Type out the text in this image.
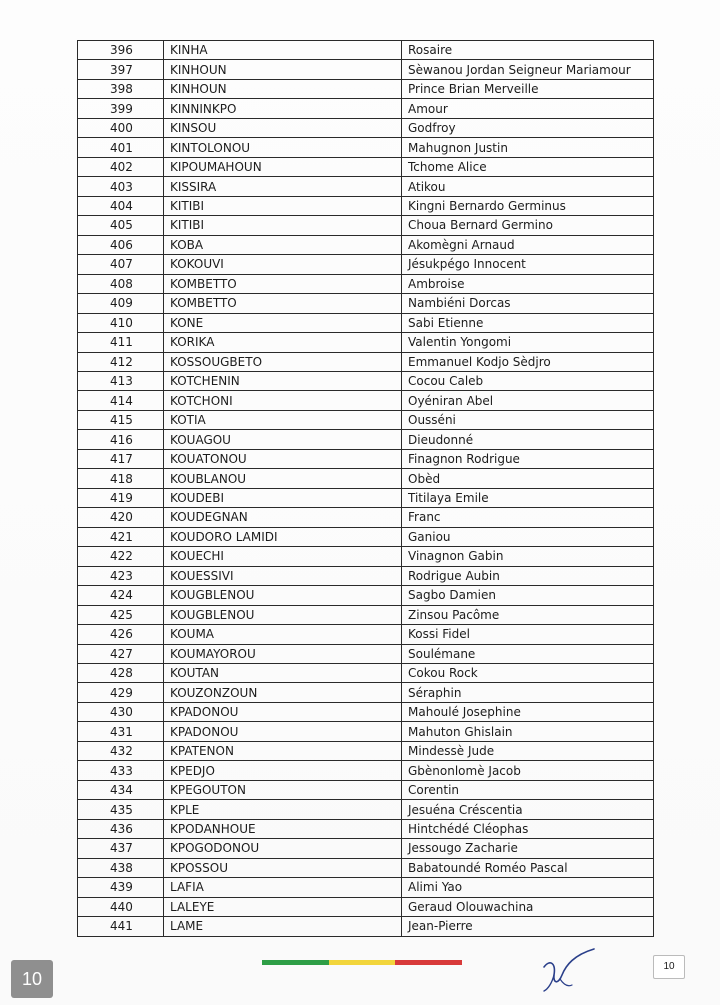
396	KINHA	Rosaire
397	KINHOUN	Sèwanou Jordan Seigneur Mariamour
398	KINHOUN	Prince Brian Merveille
399	KINNINKPO	Amour
400	KINSOU	Godfroy
401	KINTOLONOU	Mahugnon Justin
402	KIPOUMAHOUN	Tchome Alice
403	KISSIRA	Atikou
404	KITIBI	Kingni Bernardo Germinus
405	KITIBI	Choua Bernard Germino
406	KOBA	Akomègni Arnaud
407	KOKOUVI	Jésukpégo Innocent
408	KOMBETTO	Ambroise
409	KOMBETTO	Nambiéni Dorcas
410	KONE	Sabi Etienne
411	KORIKA	Valentin Yongomi
412	KOSSOUGBETO	Emmanuel Kodjo Sèdjro
413	KOTCHENIN	Cocou Caleb
414	KOTCHONI	Oyéniran Abel
415	KOTIA	Ousséni
416	KOUAGOU	Dieudonné
417	KOUATONOU	Finagnon Rodrigue
418	KOUBLANOU	Obèd
419	KOUDEBI	Titilaya Emile
420	KOUDEGNAN	Franc
421	KOUDORO LAMIDI	Ganiou
422	KOUECHI	Vinagnon Gabin
423	KOUESSIVI	Rodrigue Aubin
424	KOUGBLENOU	Sagbo Damien
425	KOUGBLENOU	Zinsou Pacôme
426	KOUMA	Kossi Fidel
427	KOUMAYOROU	Soulémane
428	KOUTAN	Cokou Rock
429	KOUZONZOUN	Séraphin
430	KPADONOU	Mahoulé Josephine
431	KPADONOU	Mahuton Ghislain
432	KPATENON	Mindessè Jude
433	KPEDJO	Gbènonlomè Jacob
434	KPEGOUTON	Corentin
435	KPLE	Jesuéna Créscentia
436	KPODANHOUE	Hintchédé Cléophas
437	KPOGODONOU	Jessougo Zacharie
438	KPOSSOU	Babatoundé Roméo Pascal
439	LAFIA	Alimi Yao
440	LALEYE	Geraud Olouwachina
441	LAME	Jean-Pierre
10
10
